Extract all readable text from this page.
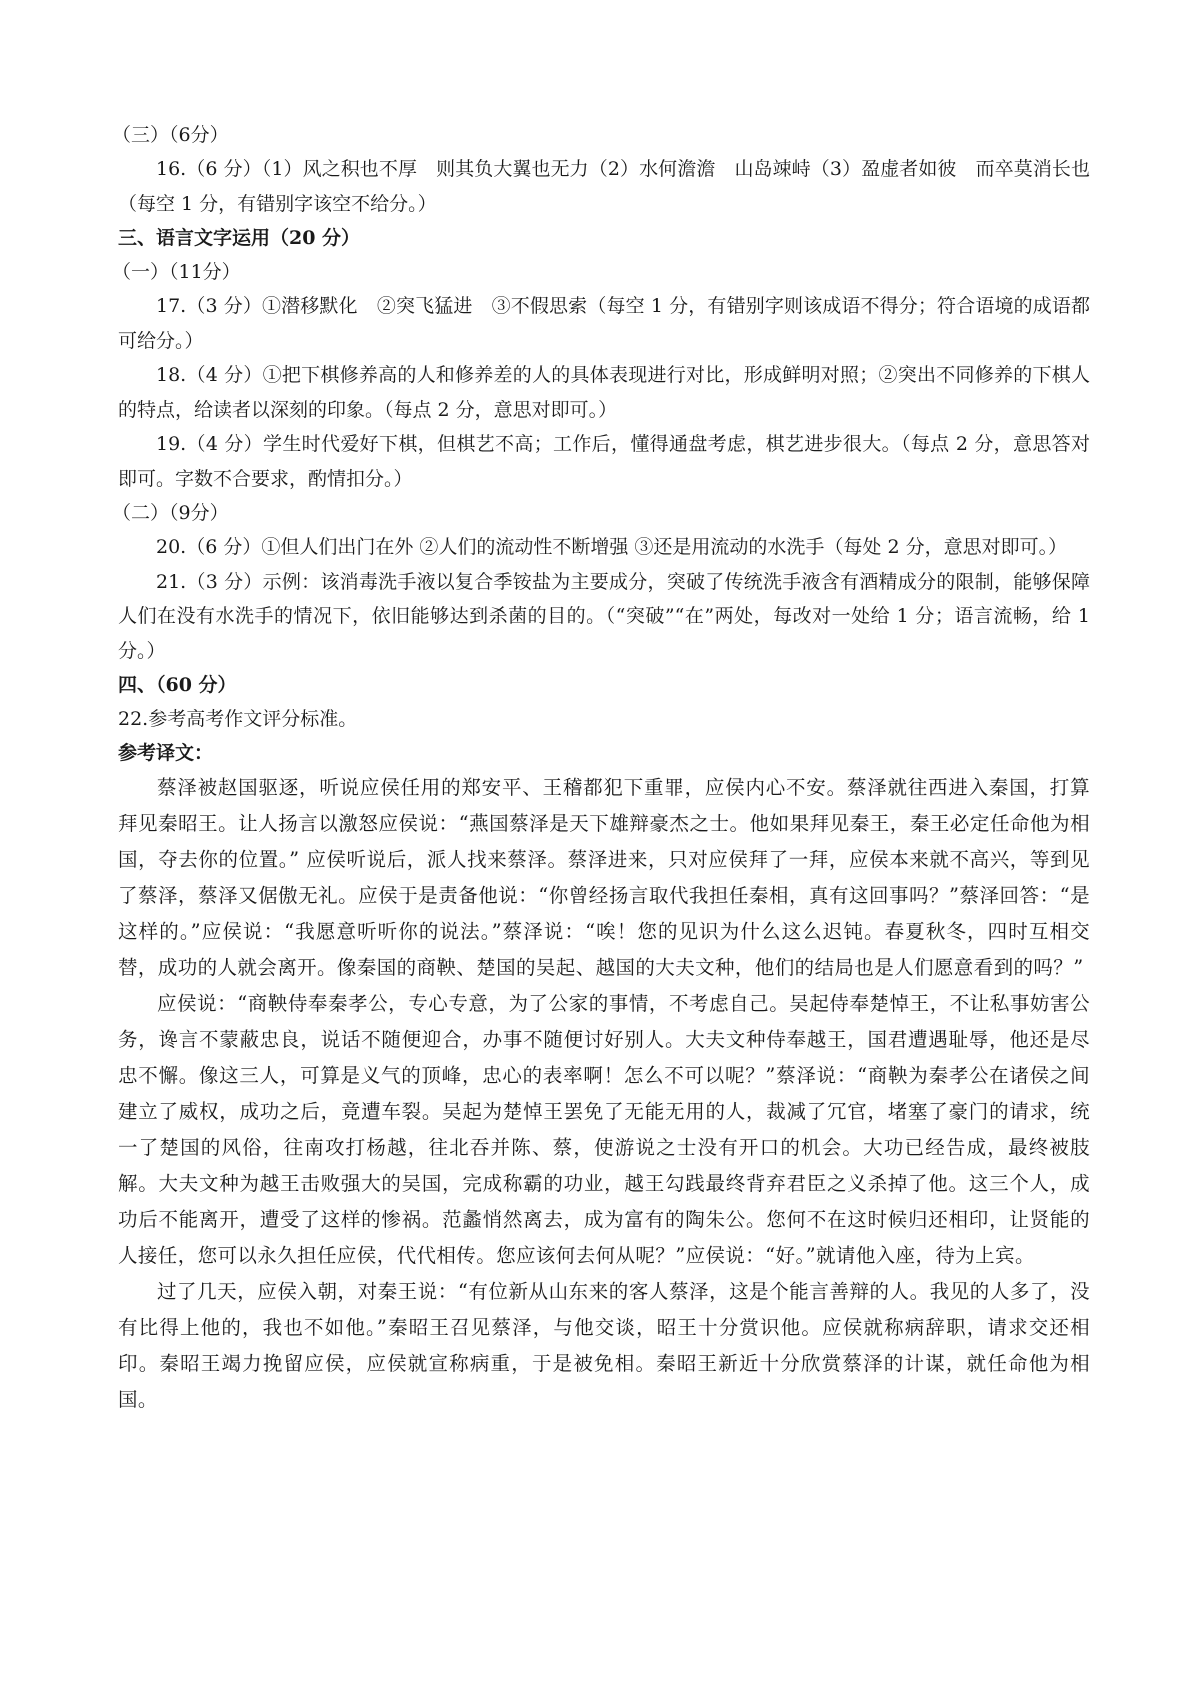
（三）（6分）

16.（6 分）（1）风之积也不厚　则其负大翼也无力（2）水何澹澹　山岛竦峙（3）盈虚者如彼　而卒莫消长也（每空 1 分，有错别字该空不给分。）

三、语言文字运用（20 分）

（一）（11分）

17.（3 分）①潜移默化　②突飞猛进　③不假思索（每空 1 分，有错别字则该成语不得分；符合语境的成语都可给分。）

18.（4 分）①把下棋修养高的人和修养差的人的具体表现进行对比，形成鲜明对照；②突出不同修养的下棋人的特点，给读者以深刻的印象。（每点 2 分，意思对即可。）

19.（4 分）学生时代爱好下棋，但棋艺不高；工作后，懂得通盘考虑，棋艺进步很大。（每点 2 分，意思答对即可。字数不合要求，酌情扣分。）

（二）（9分）

20.（6 分）①但人们出门在外 ②人们的流动性不断增强 ③还是用流动的水洗手（每处 2 分，意思对即可。）

21.（3 分）示例：该消毒洗手液以复合季铵盐为主要成分，突破了传统洗手液含有酒精成分的限制，能够保障人们在没有水洗手的情况下，依旧能够达到杀菌的目的。（“突破”“在”两处，每改对一处给 1 分；语言流畅，给 1 分。）

四、（60 分）

22.参考高考作文评分标准。

参考译文：

蔡泽被赵国驱逐，听说应侯任用的郑安平、王稽都犯下重罪，应侯内心不安。蔡泽就往西进入秦国，打算拜见秦昭王。让人扬言以激怒应侯说：“燕国蔡泽是天下雄辩豪杰之士。他如果拜见秦王，秦王必定任命他为相国，夺去你的位置。” 应侯听说后，派人找来蔡泽。蔡泽进来，只对应侯拜了一拜，应侯本来就不高兴，等到见了蔡泽，蔡泽又倨傲无礼。应侯于是责备他说：“你曾经扬言取代我担任秦相，真有这回事吗？”蔡泽回答：“是这样的。”应侯说：“我愿意听听你的说法。”蔡泽说：“唉！您的见识为什么这么迟钝。春夏秋冬，四时互相交替，成功的人就会离开。像秦国的商鞅、楚国的吴起、越国的大夫文种，他们的结局也是人们愿意看到的吗？”

应侯说：“商鞅侍奉秦孝公，专心专意，为了公家的事情，不考虑自己。吴起侍奉楚悼王，不让私事妨害公务，谗言不蒙蔽忠良，说话不随便迎合，办事不随便讨好别人。大夫文种侍奉越王，国君遭遇耻辱，他还是尽忠不懈。像这三人，可算是义气的顶峰，忠心的表率啊！怎么不可以呢？”蔡泽说：“商鞅为秦孝公在诸侯之间建立了威权，成功之后，竟遭车裂。吴起为楚悼王罢免了无能无用的人，裁减了冗官，堵塞了豪门的请求，统一了楚国的风俗，往南攻打杨越，往北吞并陈、蔡，使游说之士没有开口的机会。大功已经告成，最终被肢解。大夫文种为越王击败强大的吴国，完成称霸的功业，越王勾践最终背弃君臣之义杀掉了他。这三个人，成功后不能离开，遭受了这样的惨祸。范蠡悄然离去，成为富有的陶朱公。您何不在这时候归还相印，让贤能的人接任，您可以永久担任应侯，代代相传。您应该何去何从呢？”应侯说：“好。”就请他入座，待为上宾。

过了几天，应侯入朝，对秦王说：“有位新从山东来的客人蔡泽，这是个能言善辩的人。我见的人多了，没有比得上他的，我也不如他。”秦昭王召见蔡泽，与他交谈，昭王十分赏识他。应侯就称病辞职，请求交还相印。秦昭王竭力挽留应侯，应侯就宣称病重，于是被免相。秦昭王新近十分欣赏蔡泽的计谋，就任命他为相国。
